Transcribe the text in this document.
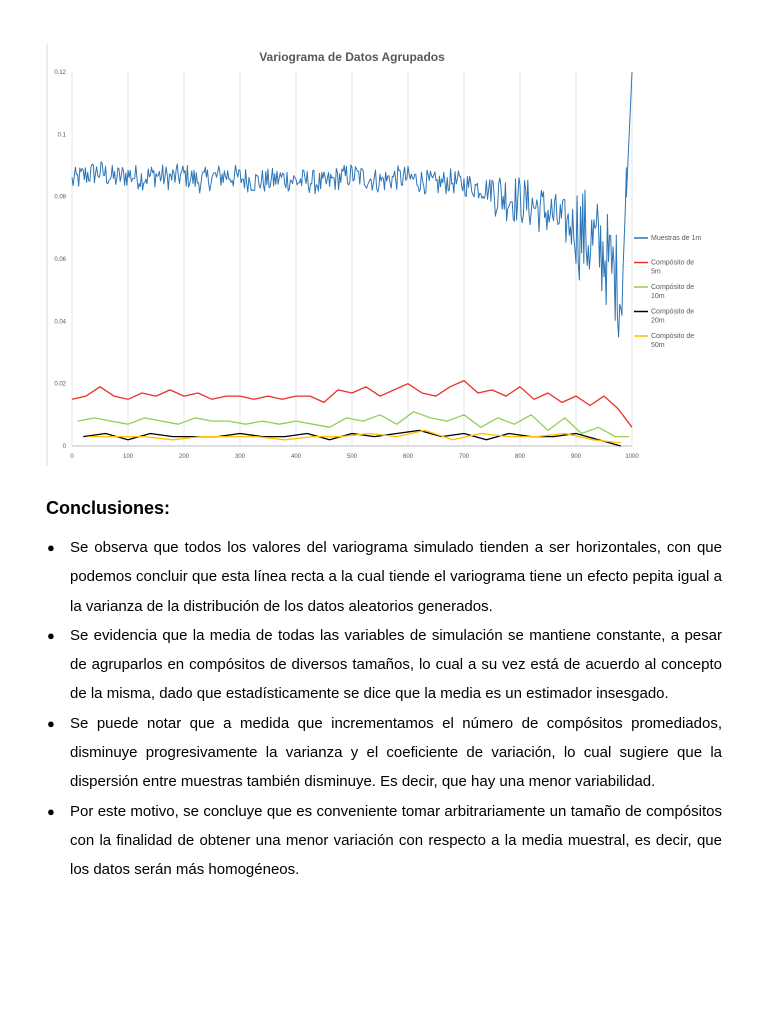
Variograma de Datos Agrupados
0	100	200	300	400	500	600	700	800	900	1000
0
0.02
0.04
0.06
0.08
0.1
0.12
Muestras de 1m
Compósito de 5m
Compósito de 10m
Compósito de 20m
Compósito de 50m
Conclusiones:
● Se observa que todos los valores del variograma simulado tienden a ser horizontales, con que podemos concluir que esta línea recta a la cual tiende el variograma tiene un efecto pepita igual a la varianza de la distribución de los datos aleatorios generados.
● Se evidencia que la media de todas las variables de simulación se mantiene constante, a pesar de agruparlos en compósitos de diversos tamaños, lo cual a su vez está de acuerdo al concepto de la misma, dado que estadísticamente se dice que la media es un estimador insesgado.
● Se puede notar que a medida que incrementamos el número de compósitos promediados, disminuye progresivamente la varianza y el coeficiente de variación, lo cual sugiere que la dispersión entre muestras también disminuye. Es decir, que hay una menor variabilidad.
● Por este motivo, se concluye que es conveniente tomar arbitrariamente un tamaño de compósitos con la finalidad de obtener una menor variación con respecto a la media muestral, es decir, que los datos serán más homogéneos.
